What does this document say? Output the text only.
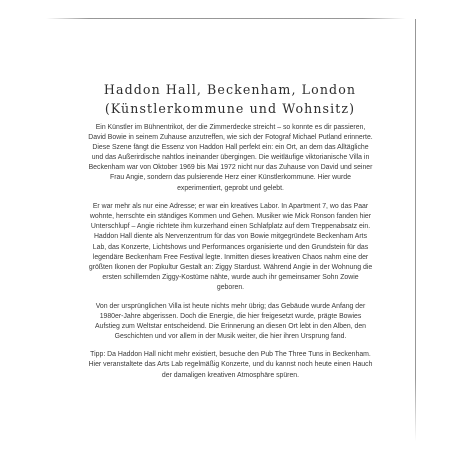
Haddon Hall, Beckenham, London
(Künstlerkommune und Wohnsitz)

Ein Künstler im Bühnentrikot, der die Zimmerdecke streicht – so konnte es dir passieren, David Bowie in seinem Zuhause anzutreffen, wie sich der Fotograf Michael Putland erinnerte. Diese Szene fängt die Essenz von Haddon Hall perfekt ein: ein Ort, an dem das Alltägliche und das Außerirdische nahtlos ineinander übergingen. Die weitläufige viktorianische Villa in Beckenham war von Oktober 1969 bis Mai 1972 nicht nur das Zuhause von David und seiner Frau Angie, sondern das pulsierende Herz einer Künstlerkommune. Hier wurde experimentiert, geprobt und gelebt.

Er war mehr als nur eine Adresse; er war ein kreatives Labor. In Apartment 7, wo das Paar wohnte, herrschte ein ständiges Kommen und Gehen. Musiker wie Mick Ronson fanden hier Unterschlupf – Angie richtete ihm kurzerhand einen Schlafplatz auf dem Treppenabsatz ein. Haddon Hall diente als Nervenzentrum für das von Bowie mitgegründete Beckenham Arts Lab, das Konzerte, Lichtshows und Performances organisierte und den Grundstein für das legendäre Beckenham Free Festival legte. Inmitten dieses kreativen Chaos nahm eine der größten Ikonen der Popkultur Gestalt an: Ziggy Stardust. Während Angie in der Wohnung die ersten schillernden Ziggy-Kostüme nähte, wurde auch ihr gemeinsamer Sohn Zowie geboren.

Von der ursprünglichen Villa ist heute nichts mehr übrig; das Gebäude wurde Anfang der 1980er-Jahre abgerissen. Doch die Energie, die hier freigesetzt wurde, prägte Bowies Aufstieg zum Weltstar entscheidend. Die Erinnerung an diesen Ort lebt in den Alben, den Geschichten und vor allem in der Musik weiter, die hier ihren Ursprung fand.

Tipp: Da Haddon Hall nicht mehr existiert, besuche den Pub The Three Tuns in Beckenham. Hier veranstaltete das Arts Lab regelmäßig Konzerte, und du kannst noch heute einen Hauch der damaligen kreativen Atmosphäre spüren.
